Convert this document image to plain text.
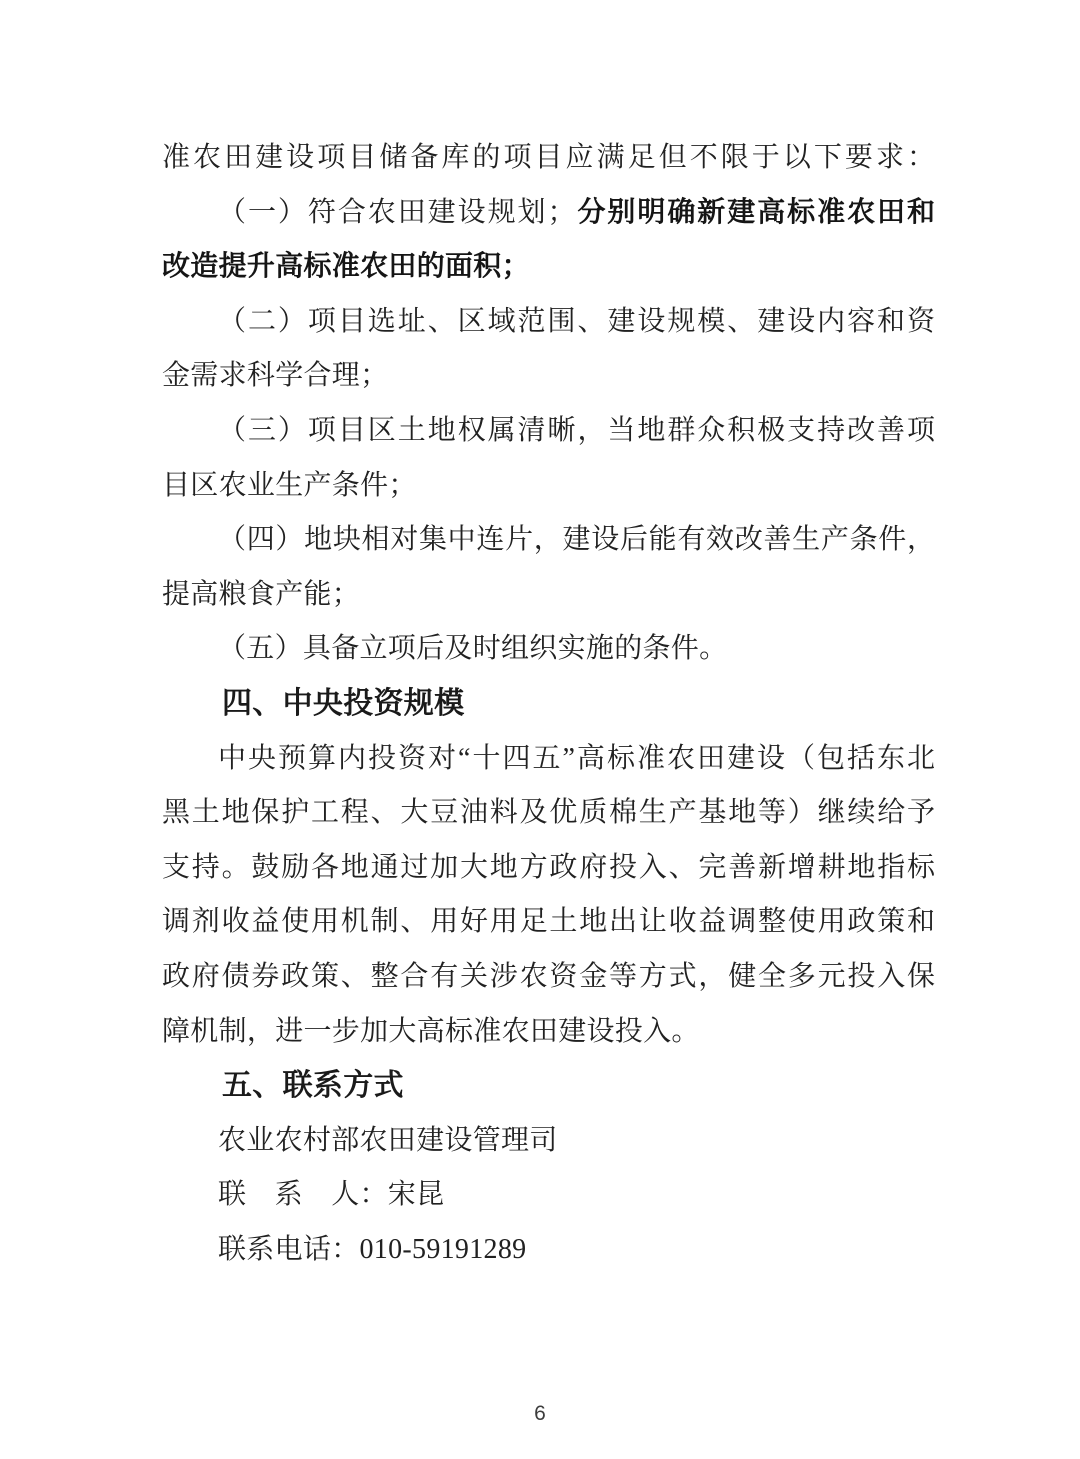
准农田建设项目储备库的项目应满足但不限于以下要求：
（一）符合农田建设规划；分别明确新建高标准农田和
改造提升高标准农田的面积；
（二）项目选址、区域范围、建设规模、建设内容和资
金需求科学合理；
（三）项目区土地权属清晰，当地群众积极支持改善项
目区农业生产条件；
（四）地块相对集中连片，建设后能有效改善生产条件，
提高粮食产能；
（五）具备立项后及时组织实施的条件。
四、中央投资规模
中央预算内投资对“十四五”高标准农田建设（包括东北
黑土地保护工程、大豆油料及优质棉生产基地等）继续给予
支持。鼓励各地通过加大地方政府投入、完善新增耕地指标
调剂收益使用机制、用好用足土地出让收益调整使用政策和
政府债券政策、整合有关涉农资金等方式，健全多元投入保
障机制，进一步加大高标准农田建设投入。
五、联系方式
农业农村部农田建设管理司
联　系　人：宋昆
联系电话：010-59191289
6
